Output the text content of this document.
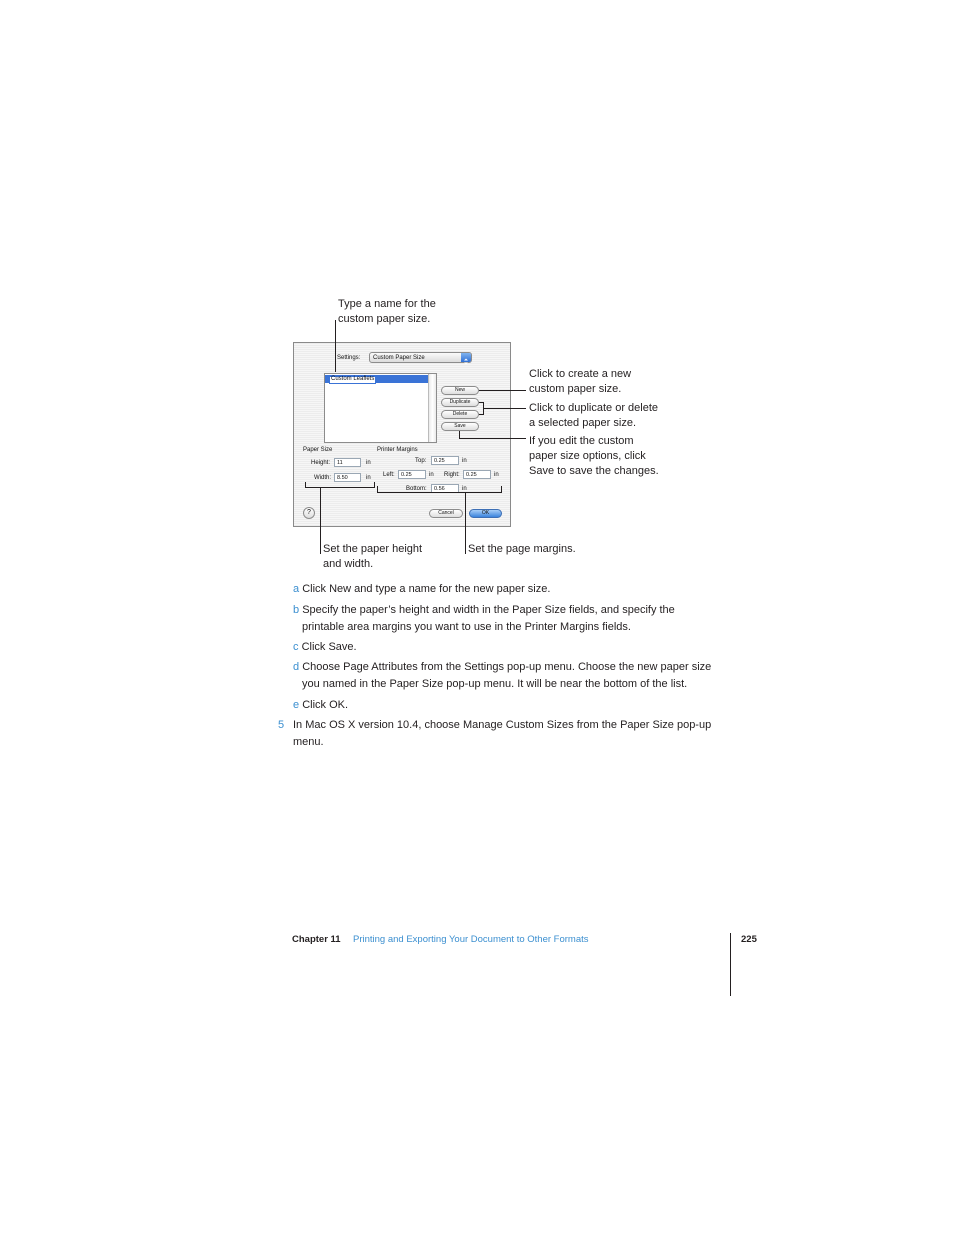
Type a name for the
custom paper size.
Click to create a new
custom paper size.
Click to duplicate or delete
a selected paper size.
If you edit the custom
paper size options, click
Save to save the changes.
Set the paper height
and width.
Set the page margins.
Settings: Custom Paper Size
Custom Leaflets
New
Duplicate
Delete
Save
Paper Size
Height:	11	in
Width:	8.50	in
Printer Margins
Top:	0.25	in
Left:	0.25	in Right:	0.25	in
Bottom:	0.56	in
?	Cancel	OK
a Click New and type a name for the new paper size.
b Specify the paper’s height and width in the Paper Size fields, and specify the
printable area margins you want to use in the Printer Margins fields.
c Click Save.
d Choose Page Attributes from the Settings pop-up menu. Choose the new paper size
you named in the Paper Size pop-up menu. It will be near the bottom of the list.
e Click OK.
5 In Mac OS X version 10.4, choose Manage Custom Sizes from the Paper Size pop-up
menu.
Chapter 11 Printing and Exporting Your Document to Other Formats	225
